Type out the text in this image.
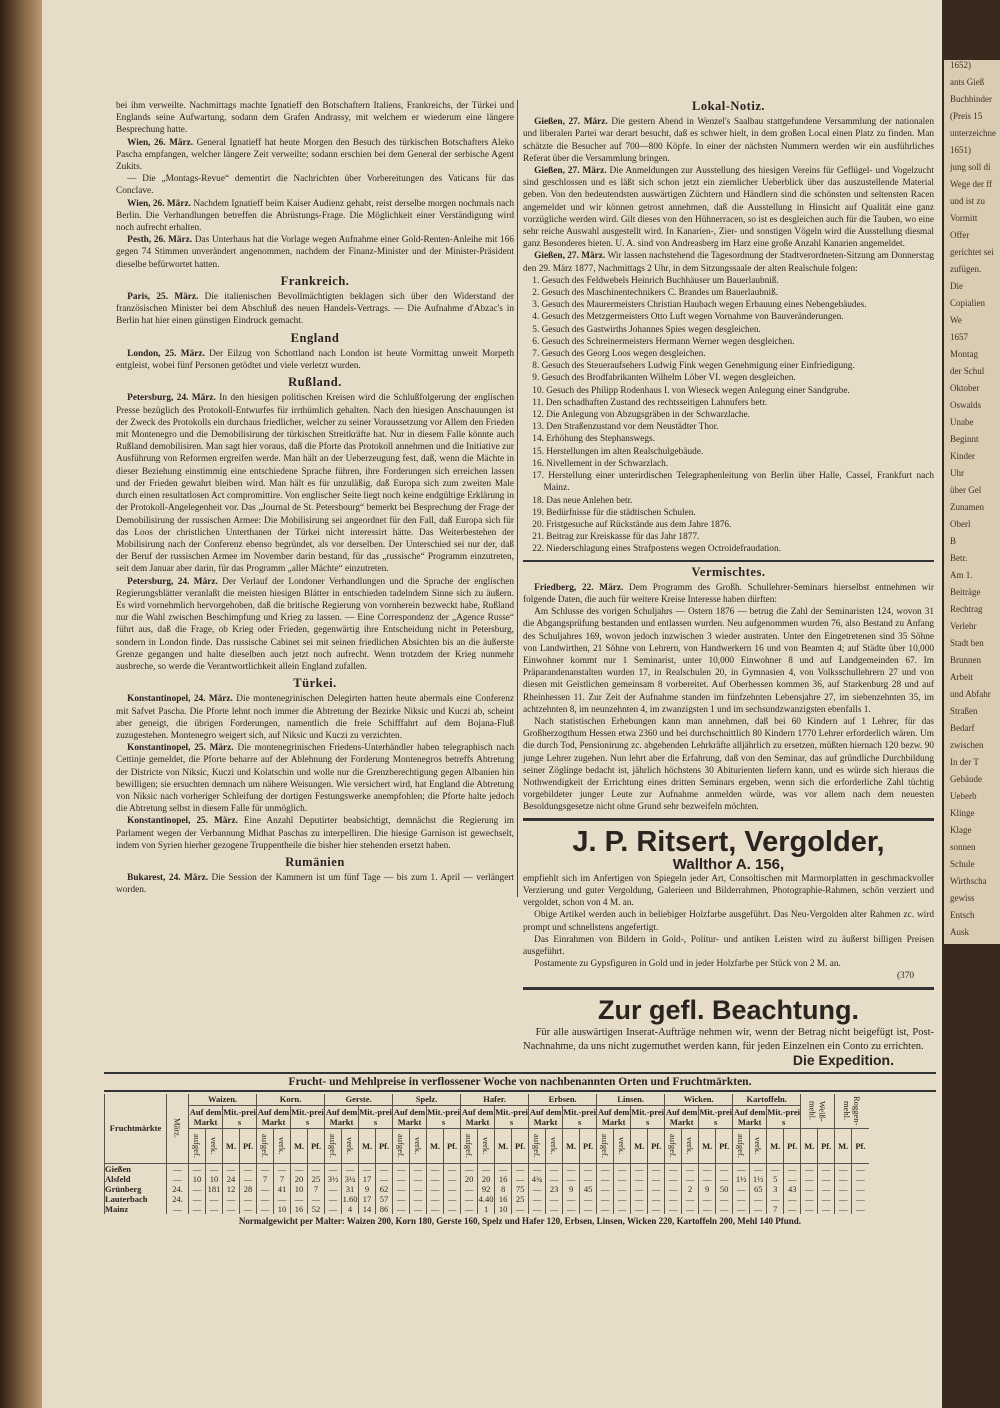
1652)
ants Gieß
Buchbinder
(Preis 15
unterzeichne
1651)
jung soll di
Wege der ff
und ist zu
Vormitt
Offer
gerichtet sei
zufügen.
Die
Copialien
We
1657
Montag
der Schul
Oktober
Oswalds
Unabe
Beginnt
Kinder
Uhr
über Gel
Zunamen
Oberl
B
Betr.
Am 1.
Beiträge
Rechtrag
Verlehr
Stadt ben
Brunnen
Arbeit
und Abfahr
Straßen
Bedarf
zwischen
In der T
Gebäude
Ueberb
Klinge
Klage
sonnen
Schule
Wirthscha
gewiss
Entsch
Ausk

bei ihm verweilte. Nachmittags machte Ignatieff den Botschaftern Italiens, Frankreichs, der Türkei und Englands seine Aufwartung, sodann dem Grafen Andrassy, mit welchem er wiederum eine längere Besprechung hatte.

Wien, 26. März. General Ignatieff hat heute Morgen den Besuch des türkischen Botschafters Aleko Pascha empfangen, welcher längere Zeit verweilte; sodann erschien bei dem General der serbische Agent Zukits.

— Die „Montags-Revue“ dementirt die Nachrichten über Vorbereitungen des Vaticans für das Conclave.

Wien, 26. März. Nachdem Ignatieff beim Kaiser Audienz gehabt, reist derselbe morgen nochmals nach Berlin. Die Verhandlungen betreffen die Abrüstungs-Frage. Die Möglichkeit einer Verständigung wird noch aufrecht erhalten.

Pesth, 26. März. Das Unterhaus hat die Vorlage wegen Aufnahme einer Gold-Renten-Anleihe mit 166 gegen 74 Stimmen unverändert angenommen, nachdem der Finanz-Minister und der Minister-Präsident dieselbe befürwortet hatten.

Frankreich.

Paris, 25. März. Die italienischen Bevollmächtigten beklagen sich über den Widerstand der französischen Minister bei dem Abschluß des neuen Handels-Vertrags. — Die Aufnahme d'Abzac's in Berlin hat hier einen günstigen Eindruck gemacht.

England

London, 25. März. Der Eilzug von Schottland nach London ist heute Vormittag unweit Morpeth entgleist, wobei fünf Personen getödtet und viele verletzt wurden.

Rußland.

Petersburg, 24. März. In den hiesigen politischen Kreisen wird die Schlußfolgerung der englischen Presse bezüglich des Protokoll-Entwurfes für irrthümlich gehalten. Nach den hiesigen Anschauungen ist der Zweck des Protokolls ein durchaus friedlicher, welcher zu seiner Voraussetzung vor Allem den Frieden mit Montenegro und die Demobilisirung der türkischen Streitkräfte hat. Nur in diesem Falle könnte auch Rußland demobilisiren. Man sagt hier voraus, daß die Pforte das Protokoll annehmen und die Initiative zur Ausführung von Reformen ergreifen werde. Man hält an der Ueberzeugung fest, daß, wenn die Mächte in dieser Beziehung einstimmig eine entschiedene Sprache führen, ihre Forderungen sich erreichen lassen und der Frieden gewahrt bleiben wird. Man hält es für unzuläßig, daß Europa sich zum zweiten Male durch einen resultatlosen Act compromittire. Von englischer Seite liegt noch keine endgültige Erklärung in der Protokoll-Angelegenheit vor. Das „Journal de St. Petersbourg“ bemerkt bei Besprechung der Frage der Demobilisirung der russischen Armee: Die Mobilisirung sei angeordnet für den Fall, daß Europa sich für das Loos der christlichen Unterthanen der Türkei nicht interessirt hätte. Das Weiterbestehen der Mobilisirung nach der Conferenz ebenso begründet, als vor derselben. Der Unterschied sei nur der, daß der Beruf der russischen Armee im November darin bestand, für das „russische“ Programm einzutreten, seit dem Januar aber darin, für das Programm „aller Mächte“ einzutreten.

Petersburg, 24. März. Der Verlauf der Londoner Verhandlungen und die Sprache der englischen Regierungsblätter veranlaßt die meisten hiesigen Blätter in entschieden tadelndem Sinne sich zu äußern. Es wird vornehmlich hervorgehoben, daß die britische Regierung von vornherein bezweckt habe, Rußland nur die Wahl zwischen Beschimpfung und Krieg zu lassen. — Eine Correspondenz der „Agence Russe“ führt aus, daß die Frage, ob Krieg oder Frieden, gegenwärtig ihre Entscheidung nicht in Petersburg, sondern in London finde. Das russische Cabinet sei mit seinen friedlichen Absichten bis an die äußerste Grenze gegangen und halte dieselben auch jetzt noch aufrecht. Wenn trotzdem der Krieg nunmehr ausbreche, so werde die Verantwortlichkeit allein England zufallen.

Türkei.

Konstantinopel, 24. März. Die montenegrinischen Delegirten hatten heute abermals eine Conferenz mit Safvet Pascha. Die Pforte lehnt noch immer die Abtretung der Bezirke Niksic und Kuczi ab, scheint aber geneigt, die übrigen Forderungen, namentlich die freie Schifffahrt auf dem Bojana-Fluß zuzugestehen. Montenegro weigert sich, auf Niksic und Kuczi zu verzichten.

Konstantinopel, 25. März. Die montenegrinischen Friedens-Unterhändler haben telegraphisch nach Cettinje gemeldet, die Pforte beharre auf der Ablehnung der Forderung Montenegros betreffs Abtretung der Districte von Niksic, Kuczi und Kolatschin und wolle nur die Grenzberechtigung gegen Albanien hin bewilligen; sie ersuchten demnach um nähere Weisungen. Wie versichert wird, hat England die Abtretung von Niksic nach vorheriger Schleifung der dortigen Festungswerke anempfohlen; die Pforte halte jedoch die Abtretung selbst in diesem Falle für unmöglich.

Konstantinopel, 25. März. Eine Anzahl Deputirter beabsichtigt, demnächst die Regierung im Parlament wegen der Verbannung Midhat Paschas zu interpelliren. Die hiesige Garnison ist gewechselt, indem von Syrien hierher gezogene Truppentheile die bisher hier stehenden ersetzt haben.

Rumänien

Bukarest, 24. März. Die Session der Kammern ist um fünf Tage — bis zum 1. April — verlängert worden.

Lokal-Notiz.

Gießen, 27. März. Die gestern Abend in Wenzel's Saalbau stattgefundene Versammlung der nationalen und liberalen Partei war derart besucht, daß es schwer hielt, in dem großen Local einen Platz zu finden. Man schätzte die Besucher auf 700—800 Köpfe. In einer der nächsten Nummern werden wir ein ausführliches Referat über die Versammlung bringen.

Gießen, 27. März. Die Anmeldungen zur Ausstellung des hiesigen Vereins für Geflügel- und Vogelzucht sind geschlossen und es läßt sich schon jetzt ein ziemlicher Ueberblick über das auszustellende Material geben. Von den bedeutendsten auswärtigen Züchtern und Händlern sind die schönsten und seltensten Racen angemeldet und wir können getrost annehmen, daß die Ausstellung in Hinsicht auf Qualität eine ganz vorzügliche werden wird. Gilt dieses von den Hühnerracen, so ist es desgleichen auch für die Tauben, wo eine sehr reiche Auswahl ausgestellt wird. In Kanarien-, Zier- und sonstigen Vögeln wird die Ausstellung diesmal ganz Besonderes bieten. U. A. sind von Andreasberg im Harz eine große Anzahl Kanarien angemeldet.

Gießen, 27. März. Wir lassen nachstehend die Tagesordnung der Stadtverordneten-Sitzung am Donnerstag den 29. März 1877, Nachmittags 2 Uhr, in dem Sitzungssaale der alten Realschule folgen:

1. Gesuch des Feldwebels Heinrich Buchhäuser um Bauerlaubniß.
2. Gesuch des Maschinentechnikers C. Brandes um Bauerlaubniß.
3. Gesuch des Maurermeisters Christian Haubach wegen Erbauung eines Nebengebäudes.
4. Gesuch des Metzgermeisters Otto Luft wegen Vornahme von Bauveränderungen.
5. Gesuch des Gastwirths Johannes Spies wegen desgleichen.
6. Gesuch des Schreinermeisters Hermann Werner wegen desgleichen.
7. Gesuch des Georg Loos wegen desgleichen.
8. Gesuch des Steueraufsehers Ludwig Fink wegen Genehmigung einer Einfriedigung.
9. Gesuch des Brodfabrikanten Wilhelm Löber VI. wegen desgleichen.
10. Gesuch des Philipp Rodenhaus I. von Wieseck wegen Anlegung einer Sandgrube.
11. Den schadhaften Zustand des rechtsseitigen Lahnufers betr.
12. Die Anlegung von Abzugsgräben in der Schwarzlache.
13. Den Straßenzustand vor dem Neustädter Thor.
14. Erhöhung des Stephanswegs.
15. Herstellungen im alten Realschulgebäude.
16. Nivellement in der Schwarzlach.
17. Herstellung einer unterirdischen Telegraphenleitung von Berlin über Halle, Cassel, Frankfurt nach Mainz.
18. Das neue Anlehen betr.
19. Bedürfnisse für die städtischen Schulen.
20. Fristgesuche auf Rückstände aus dem Jahre 1876.
21. Beitrag zur Kreiskasse für das Jahr 1877.
22. Niederschlagung eines Strafpostens wegen Octroidefraudation.
Vermischtes.

Friedberg, 22. März. Dem Programm des Großh. Schullehrer-Seminars hierselbst entnehmen wir folgende Daten, die auch für weitere Kreise Interesse haben dürften:

Am Schlusse des vorigen Schuljahrs — Ostern 1876 — betrug die Zahl der Seminaristen 124, wovon 31 die Abgangsprüfung bestanden und entlassen wurden. Neu aufgenommen wurden 76, also Bestand zu Anfang des Schuljahres 169, wovon jedoch inzwischen 3 wieder austraten. Unter den Eingetretenen sind 35 Söhne von Landwirthen, 21 Söhne von Lehrern, von Handwerkern 16 und von Beamten 4; auf Städte über 10,000 Einwohner kommt nur 1 Seminarist, unter 10,000 Einwohner 8 und auf Landgemeinden 67. Im Präparandenanstalten wurden 17, in Realschulen 20, in Gymnasien 4, von Volksschullehrern 27 und von diesen mit Geistlichen gemeinsam 8 vorbereitet. Auf Oberhessen kommen 36, auf Starkenburg 28 und auf Rheinhessen 11. Zur Zeit der Aufnahme standen im fünfzehnten Lebensjahre 27, im siebenzehnten 35, im achtzehnten 8, im neunzehnten 4, im zwanzigsten 1 und im sechsundzwanzigsten ebenfalls 1.

Nach statistischen Erhebungen kann man annehmen, daß bei 60 Kindern auf 1 Lehrer, für das Großherzogthum Hessen etwa 2360 und bei durchschnittlich 80 Kindern 1770 Lehrer erforderlich wären. Um die durch Tod, Pensionirung zc. abgehenden Lehrkräfte alljährlich zu ersetzen, müßten hiernach 120 bezw. 90 junge Lehrer zugehen. Nun lehrt aber die Erfahrung, daß von den Seminar, das auf gründliche Durchbildung seiner Zöglinge bedacht ist, jährlich höchstens 30 Abiturienten liefern kann, und es würde sich hieraus die Nothwendigkeit der Errichtung eines dritten Seminars ergeben, wenn sich die erforderliche Zahl tüchtig vorgebildeter junger Leute zur Aufnahme anmelden würde, was vor allem nach dem neuesten Besoldungsgesetze nicht ohne Grund sehr bezweifeln möchten.

J. P. Ritsert, Vergolder,
Wallthor A. 156,

empfiehlt sich im Anfertigen von Spiegeln jeder Art, Consoltischen mit Marmorplatten in geschmackvoller Verzierung und guter Vergoldung, Galerieen und Bilderrahmen, Photographie-Rahmen, schön verziert und vergoldet, schon von 4 M. an.

Obige Artikel werden auch in beliebiger Holzfarbe ausgeführt. Das Neu-Vergolden alter Rahmen zc. wird prompt und schnellstens angefertigt.

Das Einrahmen von Bildern in Gold-, Politur- und antiken Leisten wird zu äußerst billigen Preisen ausgeführt.

Postamente zu Gypsfiguren in Gold und in jeder Holzfarbe per Stück von 2 M. an.

(370
Zur gefl. Beachtung.

Für alle auswärtigen Inserat-Aufträge nehmen wir, wenn der Betrag nicht beigefügt ist, Post-Nachnahme, da uns nicht zugemuthet werden kann, für jeden Einzelnen ein Conto zu errichten.

Die Expedition.
Frucht- und Mehlpreise in verflossener Woche von nachbenannten Orten und Fruchtmärkten.
Fruchtmärkte	März.	Waizen.				Korn.				Gerste.				Spelz.				Hafer.				Erbsen.				Linsen.				Wicken.				Kartoffeln.				Weiß-mehl.		Roggen-mehl.	
		Auf dem Markt		Mit.-preis		Auf dem Markt		Mit.-preis		Auf dem Markt		Mit.-preis		Auf dem Markt		Mit.-preis		Auf dem Markt		Mit.-preis		Auf dem Markt		Mit.-preis		Auf dem Markt		Mit.-preis		Auf dem Markt		Mit.-preis		Auf dem Markt		Mit.-preis					
		aufgef.	verk.	M.	Pf.	aufgef.	verk.	M.	Pf.	aufgef.	verk.	M.	Pf.	aufgef.	verk.	M.	Pf.	aufgef.	verk.	M.	Pf.	aufgef.	verk.	M.	Pf.	aufgef.	verk.	M.	Pf.	aufgef.	verk.	M.	Pf.	aufgef.	verk.	M.	Pf.	M.	Pf.	M.	Pf.
Gießen	—	—	—	—	—	—	—	—	—	—	—	—	—	—	—	—	—	—	—	—	—	—	—	—	—	—	—	—	—	—	—	—	—	—	—	—	—	—	—	—	—
Alsfeld	—	10	10	24	—	7	7	20	25	3½	3¼	17	—	—	—	—	—	20	20	16	—	4¾	—	—	—	—	—	—	—	—	—	—	—	1½	1½	5	—	—	—	—	—
Grünberg	24.	—	181	12	28	—	41	10	7	—	31	9	62	—	—	—	—	—	92	8	75	—	23	9	45	—	—	—	—	—	2	9	50	—	65	3	43	—	—	—	—
Lauterbach	24.	—	—	—	—	—	—	—	—	—	1.60	17	57	—	—	—	—	—	4.40	16	25	—	—	—	—	—	—	—	—	—	—	—	—	—	—	—	—	—	—	—	—
Mainz	—	—	—	—	—	—	10	16	52	—	4	14	86	—	—	—	—	—	1	10	—	—	—	—	—	—	—	—	—	—	—	—	—	—	—	7	—	—	—	—	—
Normalgewicht per Malter: Waizen 200, Korn 180, Gerste 160, Spelz und Hafer 120, Erbsen, Linsen, Wicken 220, Kartoffeln 200, Mehl 140 Pfund.
